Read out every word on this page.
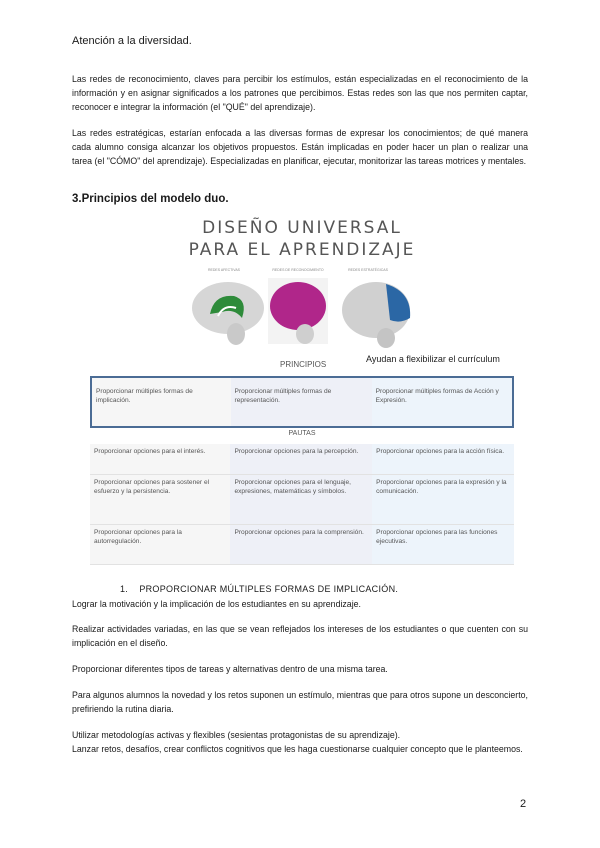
Atención a la diversidad.
Las redes de reconocimiento, claves para percibir los estímulos, están especializadas en el reconocimiento de la información y en asignar significados a los patrones que percibimos. Estas redes son las que nos permiten captar, reconocer e integrar la información (el "QUÉ" del aprendizaje).
Las redes estratégicas, estarían enfocada a las diversas formas de expresar los conocimientos; de qué manera cada alumno consiga alcanzar los objetivos propuestos. Están implicadas en poder hacer un plan o realizar una tarea (el "CÓMO" del aprendizaje). Especializadas en planificar, ejecutar, monitorizar las tareas motrices y mentales.
3.Principios del modelo duo.
DISEÑO UNIVERSAL
PARA EL APRENDIZAJE
REDES AFECTIVAS	REDES DE RECONOCIMIENTO	REDES ESTRATÉGICAS
PRINCIPIOS
Ayudan a flexibilizar el currículum
Proporcionar múltiples formas de implicación.	Proporcionar múltiples formas de representación.	Proporcionar múltiples formas de Acción y Expresión.
PAUTAS
Proporcionar opciones para el interés.	Proporcionar opciones para la percepción.	Proporcionar opciones para la acción física.
Proporcionar opciones para sostener el esfuerzo y la persistencia.	Proporcionar opciones para el lenguaje, expresiones, matemáticas y símbolos.	Proporcionar opciones para la expresión y la comunicación.
Proporcionar opciones para la autorregulación.	Proporcionar opciones para la comprensión.	Proporcionar opciones para las funciones ejecutivas.
1. PROPORCIONAR MÚLTIPLES FORMAS DE IMPLICACIÓN.
Lograr la motivación y la implicación de los estudiantes en su aprendizaje.
Realizar actividades variadas, en las que se vean reflejados los intereses de los estudiantes o que cuenten con su implicación en el diseño.
Proporcionar diferentes tipos de tareas y alternativas dentro de una misma tarea.
Para algunos alumnos la novedad y los retos suponen un estímulo, mientras que para otros supone un desconcierto, prefiriendo la rutina diaria.
Utilizar metodologías activas y flexibles (sesientas protagonistas de su aprendizaje).
Lanzar retos, desafíos, crear conflictos cognitivos que les haga cuestionarse cualquier concepto que le planteemos.
2
